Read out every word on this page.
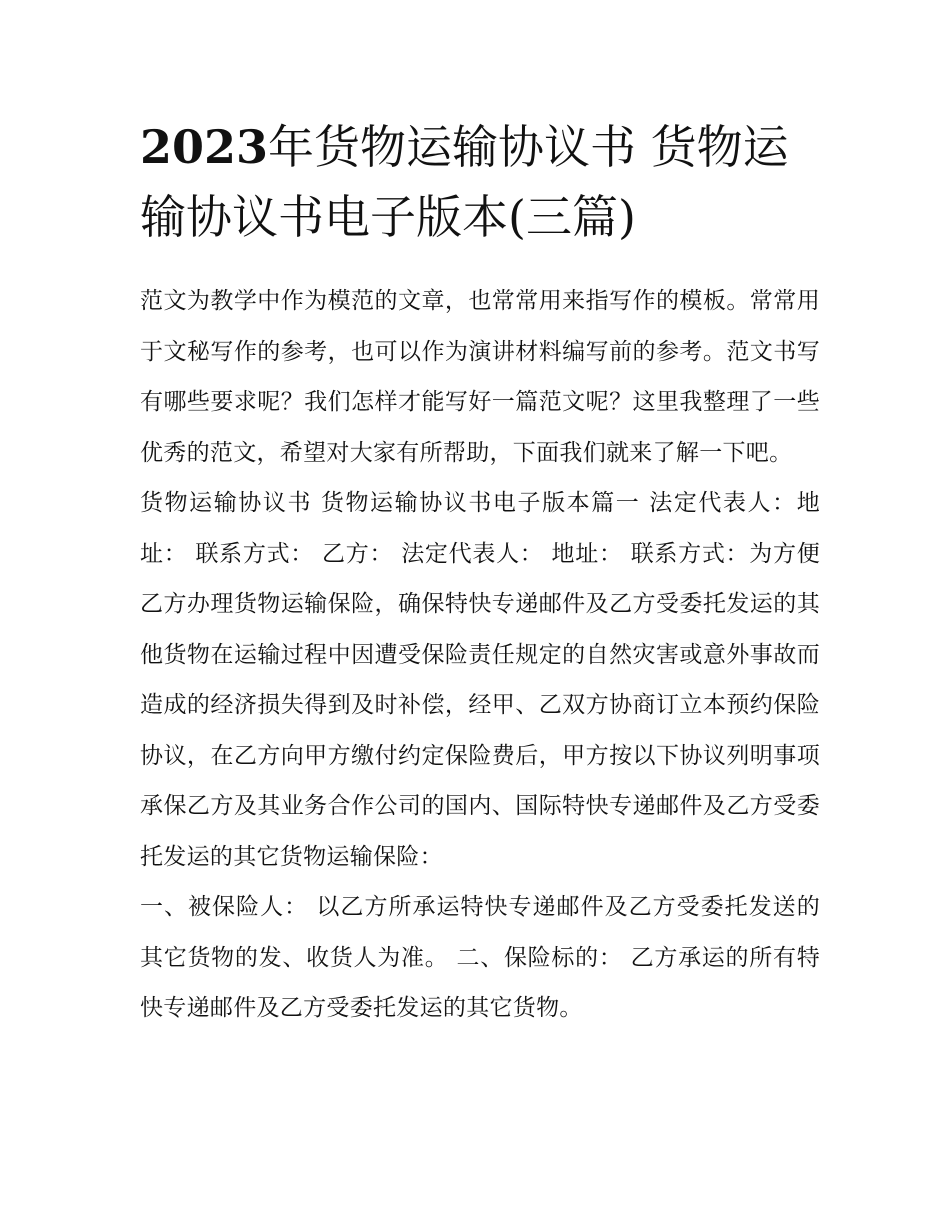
2023年货物运输协议书 货物运输协议书电子版本(三篇)

范文为教学中作为模范的文章，也常常用来指写作的模板。常常用于文秘写作的参考，也可以作为演讲材料编写前的参考。范文书写有哪些要求呢？我们怎样才能写好一篇范文呢？这里我整理了一些优秀的范文，希望对大家有所帮助，下面我们就来了解一下吧。

货物运输协议书 货物运输协议书电子版本篇一 法定代表人：地址： 联系方式： 乙方： 法定代表人： 地址： 联系方式：为方便乙方办理货物运输保险，确保特快专递邮件及乙方受委托发运的其他货物在运输过程中因遭受保险责任规定的自然灾害或意外事故而造成的经济损失得到及时补偿，经甲、乙双方协商订立本预约保险协议，在乙方向甲方缴付约定保险费后，甲方按以下协议列明事项承保乙方及其业务合作公司的国内、国际特快专递邮件及乙方受委托发运的其它货物运输保险：

一、被保险人： 以乙方所承运特快专递邮件及乙方受委托发送的其它货物的发、收货人为准。 二、保险标的： 乙方承运的所有特快专递邮件及乙方受委托发运的其它货物。
